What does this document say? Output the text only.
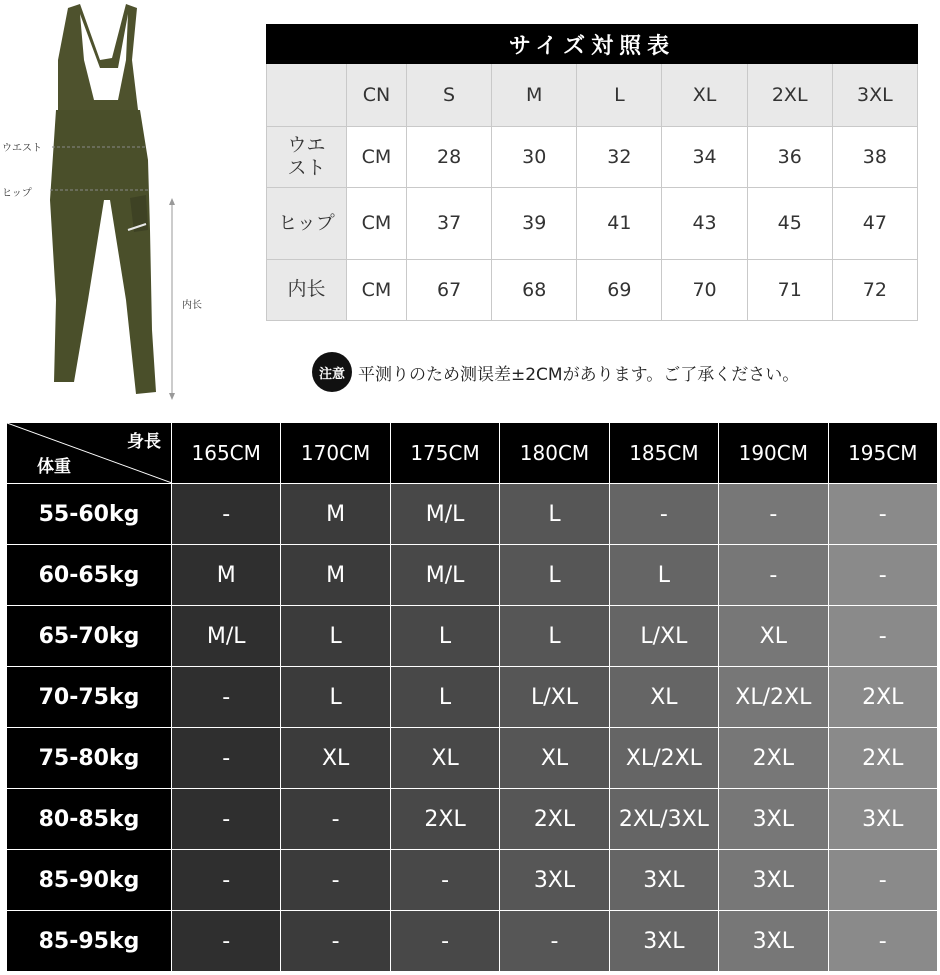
ウエスト
ヒップ
内长
サイズ対照表							
	CN	S	M	L	XL	2XL	3XL

ウエスト	CM	28	30	32	34	36	38
ヒップ	CM	37	39	41	43	45	47
内长	CM	67	68	69	70	71	72
注意 平测りのため测误差±2CMがあります。ご了承ください。
身長
体重	165CM	170CM	175CM	180CM	185CM	190CM	195CM
55-60kg	-	M	M/L	L	-	-	-
60-65kg	M	M	M/L	L	L	-	-
65-70kg	M/L	L	L	L	L/XL	XL	-
70-75kg	-	L	L	L/XL	XL	XL/2XL	2XL
75-80kg	-	XL	XL	XL	XL/2XL	2XL	2XL
80-85kg	-	-	2XL	2XL	2XL/3XL	3XL	3XL
85-90kg	-	-	-	3XL	3XL	3XL	-
85-95kg	-	-	-	-	3XL	3XL	-
